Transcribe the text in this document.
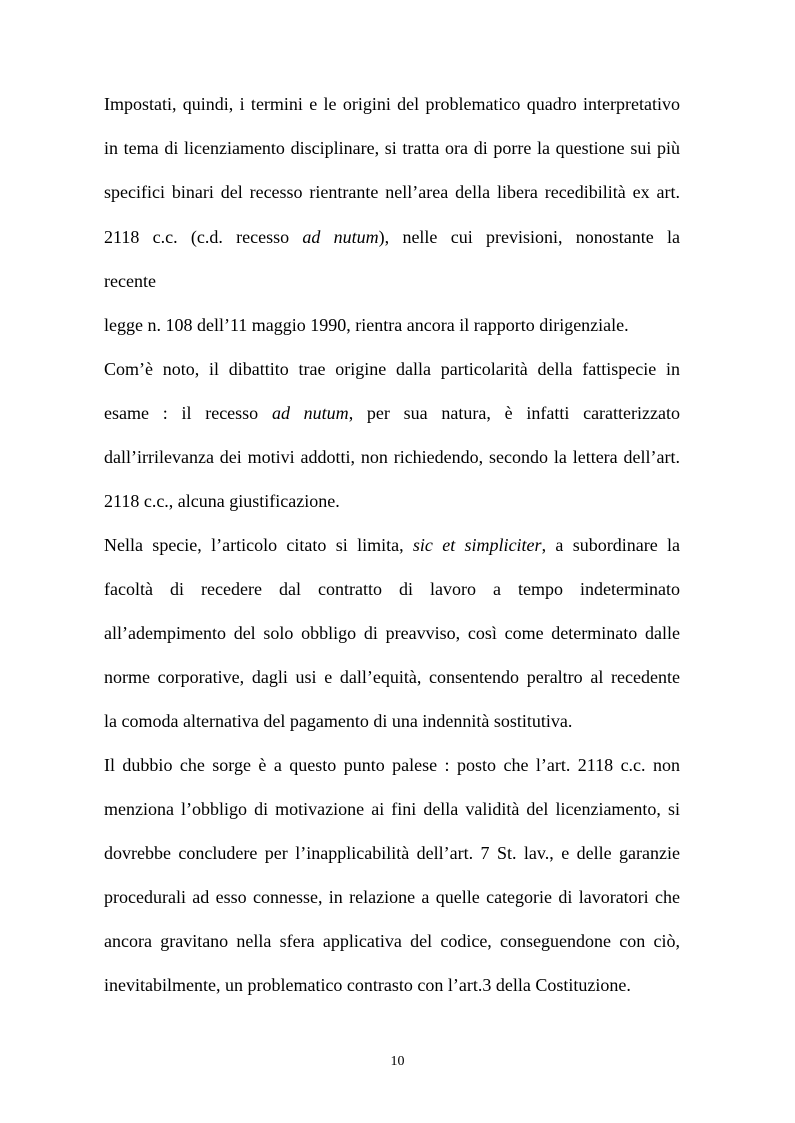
Impostati, quindi, i termini e le origini del problematico quadro interpretativo

in tema di licenziamento disciplinare, si tratta ora di porre la questione sui più

specifici binari del recesso rientrante nell’area della libera recedibilità ex art.

2118 c.c. (c.d. recesso ad nutum), nelle cui previsioni, nonostante la

recente

legge n. 108 dell’11 maggio 1990, rientra ancora il rapporto dirigenziale.

Com’è noto, il dibattito trae origine dalla particolarità della fattispecie in

esame : il recesso ad nutum, per sua natura, è infatti caratterizzato

dall’irrilevanza dei motivi addotti, non richiedendo, secondo la lettera dell’art.

2118 c.c., alcuna giustificazione.

Nella specie, l’articolo citato si limita, sic et simpliciter, a subordinare la

facoltà di recedere dal contratto di lavoro a tempo indeterminato

all’adempimento del solo obbligo di preavviso, così come determinato dalle

norme corporative, dagli usi e dall’equità, consentendo peraltro al recedente

la comoda alternativa del pagamento di una indennità sostitutiva.

Il dubbio che sorge è a questo punto palese : posto che l’art. 2118 c.c. non

menziona l’obbligo di motivazione ai fini della validità del licenziamento, si

dovrebbe concludere per l’inapplicabilità dell’art. 7 St. lav., e delle garanzie

procedurali ad esso connesse, in relazione a quelle categorie di lavoratori che

ancora gravitano nella sfera applicativa del codice, conseguendone con ciò,

inevitabilmente, un problematico contrasto con l’art.3 della Costituzione.

10
